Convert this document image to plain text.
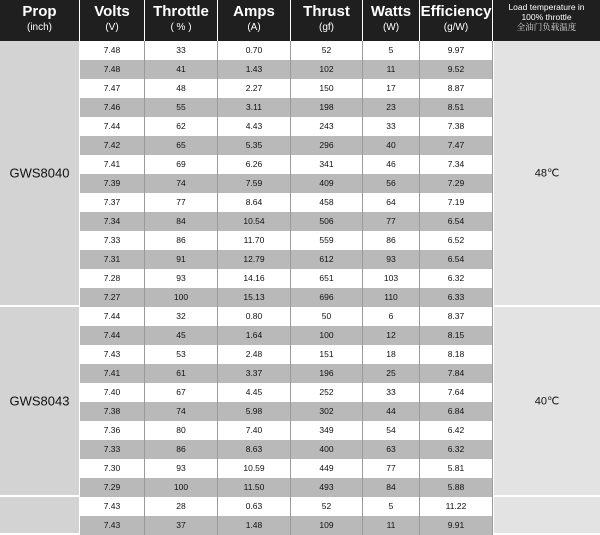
Prop
(inch)
Volts
(V)
Throttle
( % )
Amps
(A)
Thrust
(gf)
Watts
(W)
Efficiency
(g/W)
Load temperature in
100% throttle
全油门负载温度
GWS8040	48℃
7.48	33	0.70	52	5	9.97
7.48	41	1.43	102	11	9.52
7.47	48	2.27	150	17	8.87
7.46	55	3.11	198	23	8.51
7.44	62	4.43	243	33	7.38
7.42	65	5.35	296	40	7.47
7.41	69	6.26	341	46	7.34
7.39	74	7.59	409	56	7.29
7.37	77	8.64	458	64	7.19
7.34	84	10.54	506	77	6.54
7.33	86	11.70	559	86	6.52
7.31	91	12.79	612	93	6.54
7.28	93	14.16	651	103	6.32
7.27	100	15.13	696	110	6.33
GWS8043	40℃
7.44	32	0.80	50	6	8.37
7.44	45	1.64	100	12	8.15
7.43	53	2.48	151	18	8.18
7.41	61	3.37	196	25	7.84
7.40	67	4.45	252	33	7.64
7.38	74	5.98	302	44	6.84
7.36	80	7.40	349	54	6.42
7.33	86	8.63	400	63	6.32
7.30	93	10.59	449	77	5.81
7.29	100	11.50	493	84	5.88
7.43	28	0.63	52	5	11.22
7.43	37	1.48	109	11	9.91
